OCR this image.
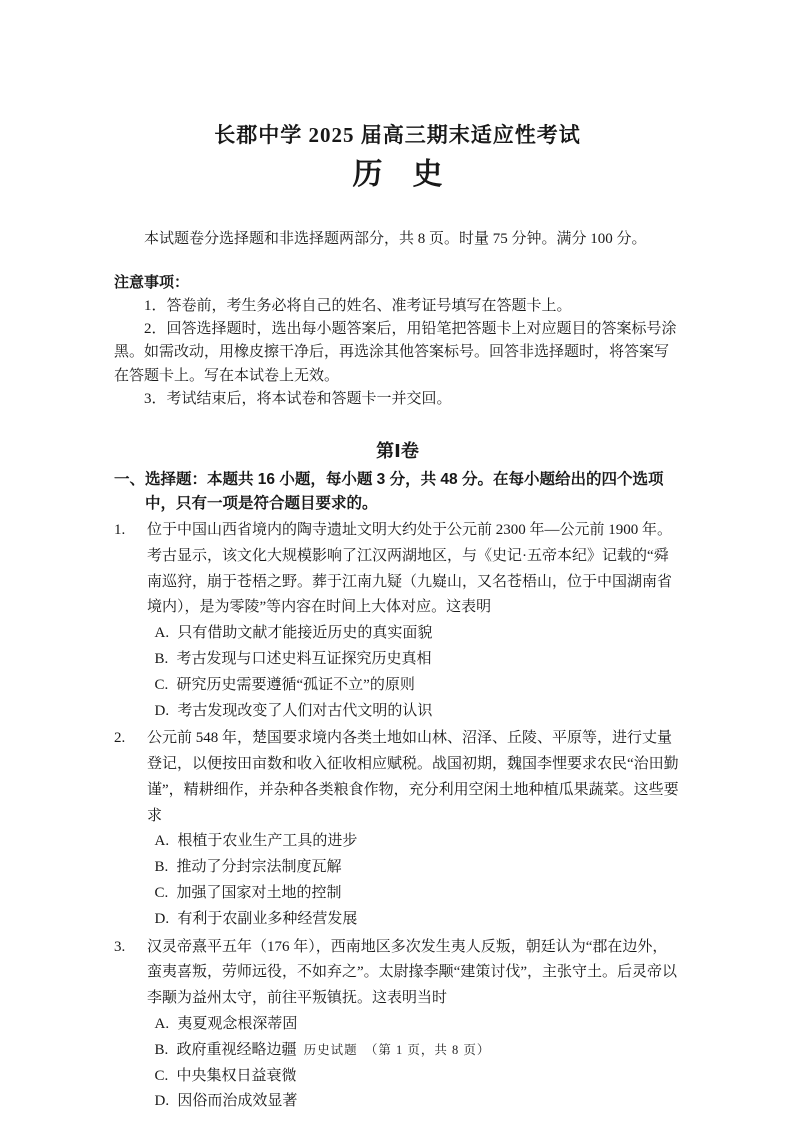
长郡中学 2025 届高三期末适应性考试
历　史

本试题卷分选择题和非选择题两部分，共 8 页。时量 75 分钟。满分 100 分。

注意事项：

1．答卷前，考生务必将自己的姓名、准考证号填写在答题卡上。

2．回答选择题时，选出每小题答案后，用铅笔把答题卡上对应题目的答案标号涂黑。如需改动，用橡皮擦干净后，再选涂其他答案标号。回答非选择题时，将答案写在答题卡上。写在本试卷上无效。

3．考试结束后，将本试卷和答题卡一并交回。

第Ⅰ卷

一、选择题：本题共 16 小题，每小题 3 分，共 48 分。在每小题给出的四个选项中，只有一项是符合题目要求的。

1. 位于中国山西省境内的陶寺遗址文明大约处于公元前 2300 年—公元前 1900 年。考古显示，该文化大规模影响了江汉两湖地区，与《史记·五帝本纪》记载的“舜南巡狩，崩于苍梧之野。葬于江南九疑（九嶷山，又名苍梧山，位于中国湖南省境内），是为零陵”等内容在时间上大体对应。这表明

A. 只有借助文献才能接近历史的真实面貌

B. 考古发现与口述史料互证探究历史真相

C. 研究历史需要遵循“孤证不立”的原则

D. 考古发现改变了人们对古代文明的认识

2. 公元前 548 年，楚国要求境内各类土地如山林、沼泽、丘陵、平原等，进行丈量登记，以便按田亩数和收入征收相应赋税。战国初期，魏国李悝要求农民“治田勤谨”，精耕细作，并杂种各类粮食作物，充分利用空闲土地种植瓜果蔬菜。这些要求

A. 根植于农业生产工具的进步

B. 推动了分封宗法制度瓦解

C. 加强了国家对土地的控制

D. 有利于农副业多种经营发展

3. 汉灵帝熹平五年（176 年），西南地区多次发生夷人反叛，朝廷认为“郡在边外，蛮夷喜叛，劳师远役，不如弃之”。太尉掾李颙“建策讨伐”，主张守土。后灵帝以李颙为益州太守，前往平叛镇抚。这表明当时

A. 夷夏观念根深蒂固

B. 政府重视经略边疆

C. 中央集权日益衰微

D. 因俗而治成效显著

历史试题　（第 1 页，共 8 页）
